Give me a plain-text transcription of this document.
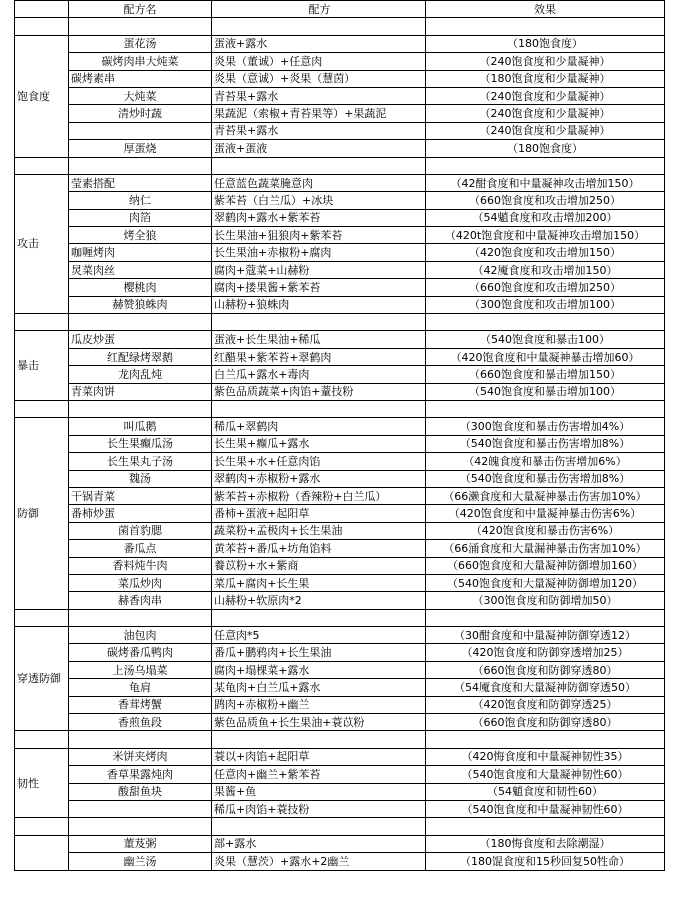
	配方名	配方	效果

饱食度	蛋花汤	蛋液+露水	（180饱食度）
	碳烤肉串大炖菜	炎果（董诚）+任意肉	（240饱食度和少量凝神）
	碳烤素串	炎果（意诚）+炎果（慧茵）	（180饱食度和少量凝神）
	大炖菜	青苔果+露水	（240饱食度和少量凝神）
	清炒时蔬	果蔬泥（索椒+青苔果等）+果蔬泥	（240饱食度和少量凝神）
		青苔果+露水	（240饱食度和少量凝神）
	厚蛋烧	蛋液+蛋液	（180饱食度）

攻击	莹素搭配	任意蓝色蔬菜腌意肉	（42酣食度和中量凝神攻击增加150）
	纳仁	紫苯苔（白兰瓜）+冰块	（660饱食度和攻击增加250）
	肉箔	翠鹤肉+露水+紫苯苔	（54魈食度和攻击增加200）
	烤全狼	长生果油+狙狼肉+紫苯苔	（420t饱食度和中量凝神攻击增加150）
	咖喱烤肉	长生果油+赤椒粉+腐肉	（420饱食度和攻击增加150）
	炅菜肉丝	腐肉+蔻菜+山赫粉	（42魇食度和攻击增加150）
	樱桃肉	腐肉+搂果酱+紫苯苔	（660饱食度和攻击增加250）
	赫赞狼蛛肉	山赫粉+狼蛛肉	（300饱食度和攻击增加100）

暴击	瓜皮炒蛋	蛋液+长生果油+稀瓜	（540饱食度和暴击100）
	红配绿烤翠鹅	红醋果+紫苯苔+翠鹤肉	（420饱食度和中量凝神暴击增加60）
	龙肉乱炖	白兰瓜+露水+毒肉	（660饱食度和暴击增加150）
	青菜肉饼	紫色品质蔬菜+肉馅+蕫技粉	（540饱食度和暴击增加100）

防御	叫瓜鹅	稀瓜+翠鹤肉	（300饱食度和暴击伤害增加4%）
	长生果癫瓜汤	长生果+癫瓜+露水	（540饱食度和暴击伤害增加8%）
	长生果丸子汤	长生果+水+任意肉馅	（42魄食度和暴击伤害增加6%）
	魏汤	翠鹤肉+赤椒粉+露水	（540饱食度和暴击伤害增加8%）
	干锅青菜	紫苯苔+赤椒粉（香辣粉+白兰瓜）	（66濑食度和大量凝神暴击伤害加10%）
	番柿炒蛋	番柿+蛋液+起阳草	（420饱食度和中量凝神暴击伤害6%）
	菌首豹腮	蔬菜粉+孟极肉+长生果油	（420饱食度和暴击伤害6%）
	番瓜点	黄苯苔+番瓜+坊角馅料	（66涌食度和大量漏神暴击伤害加10%）
	香料炖牛肉	養苡粉+水+紫商	（660饱食度和大量凝神防御增加160）
	菜瓜炒肉	菜瓜+腐肉+长生果	（540饱食度和大量凝神防御增加120）
	赫香肉串	山赫粉+软原肉*2	（300饱食度和防御增加50）

穿透防御	油包肉	任意肉*5	（30酣食度和中量凝神防御穿透12）
	碳烤番瓜鸭肉	番瓜+鹏鸦肉+长生果油	（420饱食度和防御穿透增加25）
	上汤乌塌菜	腐肉+塌棵菜+露水	（660饱食度和防御穿透80）
	龟肩	某龟肉+白兰瓜+露水	（54魇食度和大量凝神防御穿透50）
	香茸烤蟹	鹍肉+赤椒粉+幽兰	（420饱食度和防御穿透25）
	香煎鱼段	紫色品质鱼+长生果油+蓑苡粉	（660饱食度和防御穿透80）

韧性	米饼夹烤肉	蓑以+肉馅+起阳草	（420悔食度和中量凝神韧性35）
	香草果露炖肉	任意肉+幽兰+紫苯苔	（540饱食度和大量凝神韧性60）
	酸甜鱼块	果酱+鱼	（54魈食度和韧性60）
		稀瓜+肉馅+蓑技粉	（540饱食度和中量凝神韧性60）

	董芨粥	部+露水	（180悔食度和去除潮湿）
	幽兰汤	炎果（慧茨）+露水+2幽兰	（180馄食度和15秒回复50牲命）
